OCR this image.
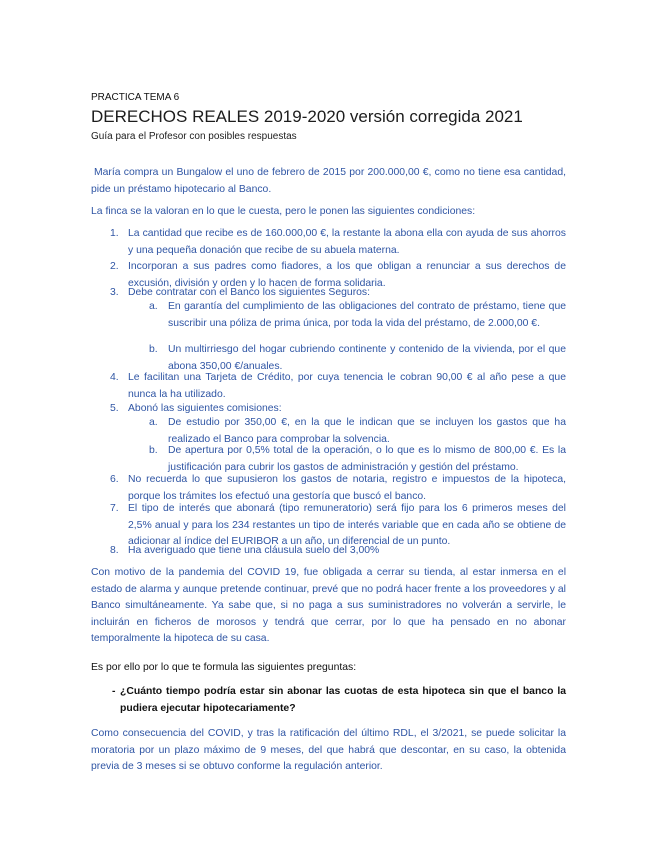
PRACTICA TEMA 6
DERECHOS REALES 2019-2020 versión corregida 2021
Guía para el Profesor con posibles respuestas
María compra un Bungalow el uno de febrero de 2015 por 200.000,00 €, como no tiene esa cantidad, pide un préstamo hipotecario al Banco.
La finca se la valoran en lo que le cuesta, pero le ponen las siguientes condiciones:
1. La cantidad que recibe es de 160.000,00 €, la restante la abona ella con ayuda de sus ahorros y una pequeña donación que recibe de su abuela materna.
2. Incorporan a sus padres como fiadores, a los que obligan a renunciar a sus derechos de excusión, división y orden y lo hacen de forma solidaria.
3. Debe contratar con el Banco los siguientes Seguros:
a. En garantía del cumplimiento de las obligaciones del contrato de préstamo, tiene que suscribir una póliza de prima única, por toda la vida del préstamo, de 2.000,00 €.
b. Un multirriesgo del hogar cubriendo continente y contenido de la vivienda, por el que abona 350,00 €/anuales.
4. Le facilitan una Tarjeta de Crédito, por cuya tenencia le cobran 90,00 € al año pese a que nunca la ha utilizado.
5. Abonó las siguientes comisiones:
a. De estudio por 350,00 €, en la que le indican que se incluyen los gastos que ha realizado el Banco para comprobar la solvencia.
b. De apertura por 0,5% total de la operación, o lo que es lo mismo de 800,00 €. Es la justificación para cubrir los gastos de administración y gestión del préstamo.
6. No recuerda lo que supusieron los gastos de notaria, registro e impuestos de la hipoteca, porque los trámites los efectuó una gestoría que buscó el banco.
7. El tipo de interés que abonará (tipo remuneratorio) será fijo para los 6 primeros meses del 2,5% anual y para los 234 restantes un tipo de interés variable que en cada año se obtiene de adicionar al índice del EURIBOR a un año, un diferencial de un punto.
8. Ha averiguado que tiene una cláusula suelo del 3,00%
Con motivo de la pandemia del COVID 19, fue obligada a cerrar su tienda, al estar inmersa en el estado de alarma y aunque pretende continuar, prevé que no podrá hacer frente a los proveedores y al Banco simultáneamente. Ya sabe que, si no paga a sus suministradores no volverán a servirle, le incluirán en ficheros de morosos y tendrá que cerrar, por lo que ha pensado en no abonar temporalmente la hipoteca de su casa.
Es por ello por lo que te formula las siguientes preguntas:
- ¿Cuánto tiempo podría estar sin abonar las cuotas de esta hipoteca sin que el banco la pudiera ejecutar hipotecariamente?
Como consecuencia del COVID, y tras la ratificación del último RDL, el 3/2021, se puede solicitar la moratoria por un plazo máximo de 9 meses, del que habrá que descontar, en su caso, la obtenida previa de 3 meses si se obtuvo conforme la regulación anterior.
